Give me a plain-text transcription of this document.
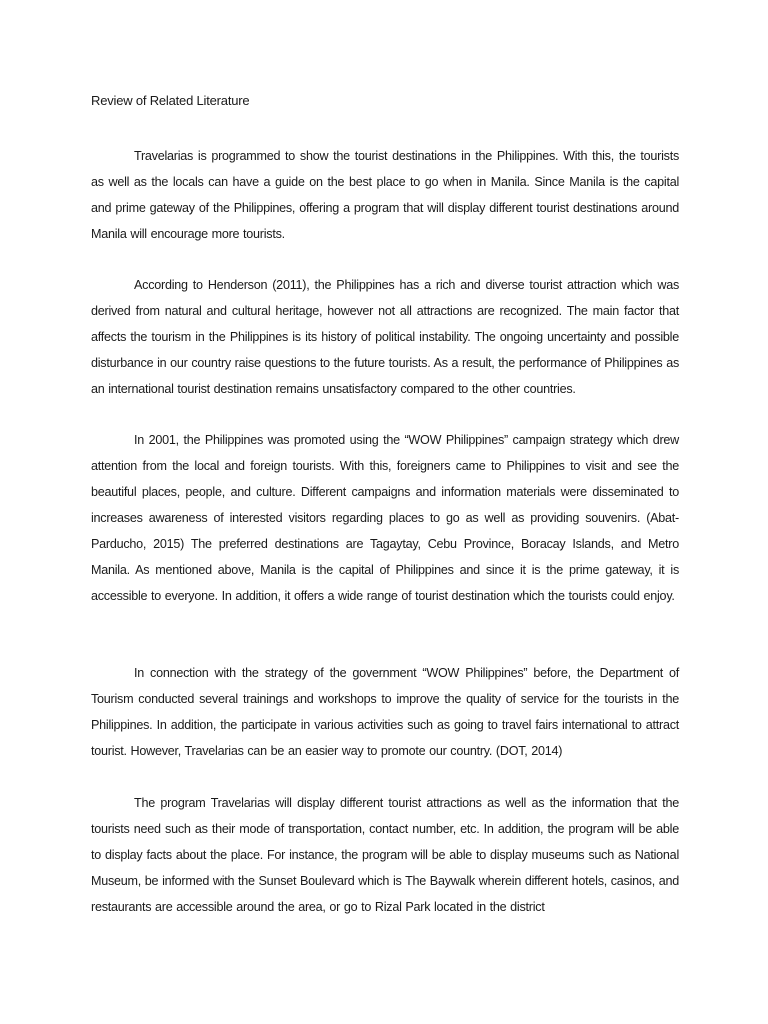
Review of Related Literature

Travelarias is programmed to show the tourist destinations in the Philippines. With this, the tourists as well as the locals can have a guide on the best place to go when in Manila. Since Manila is the capital and prime gateway of the Philippines, offering a program that will display different tourist destinations around Manila will encourage more tourists.

According to Henderson (2011), the Philippines has a rich and diverse tourist attraction which was derived from natural and cultural heritage, however not all attractions are recognized. The main factor that affects the tourism in the Philippines is its history of political instability. The ongoing uncertainty and possible disturbance in our country raise questions to the future tourists. As a result, the performance of Philippines as an international tourist destination remains unsatisfactory compared to the other countries.

In 2001, the Philippines was promoted using the “WOW Philippines” campaign strategy which drew attention from the local and foreign tourists. With this, foreigners came to Philippines to visit and see the beautiful places, people, and culture. Different campaigns and information materials were disseminated to increases awareness of interested visitors regarding places to go as well as providing souvenirs. (Abat-Parducho, 2015) The preferred destinations are Tagaytay, Cebu Province, Boracay Islands, and Metro Manila. As mentioned above, Manila is the capital of Philippines and since it is the prime gateway, it is accessible to everyone. In addition, it offers a wide range of tourist destination which the tourists could enjoy.

In connection with the strategy of the government “WOW Philippines” before, the Department of Tourism conducted several trainings and workshops to improve the quality of service for the tourists in the Philippines. In addition, the participate in various activities such as going to travel fairs international to attract tourist. However, Travelarias can be an easier way to promote our country. (DOT, 2014)

The program Travelarias will display different tourist attractions as well as the information that the tourists need such as their mode of transportation, contact number, etc. In addition, the program will be able to display facts about the place. For instance, the program will be able to display museums such as National Museum, be informed with the Sunset Boulevard which is The Baywalk wherein different hotels, casinos, and restaurants are accessible around the area, or go to Rizal Park located in the district
